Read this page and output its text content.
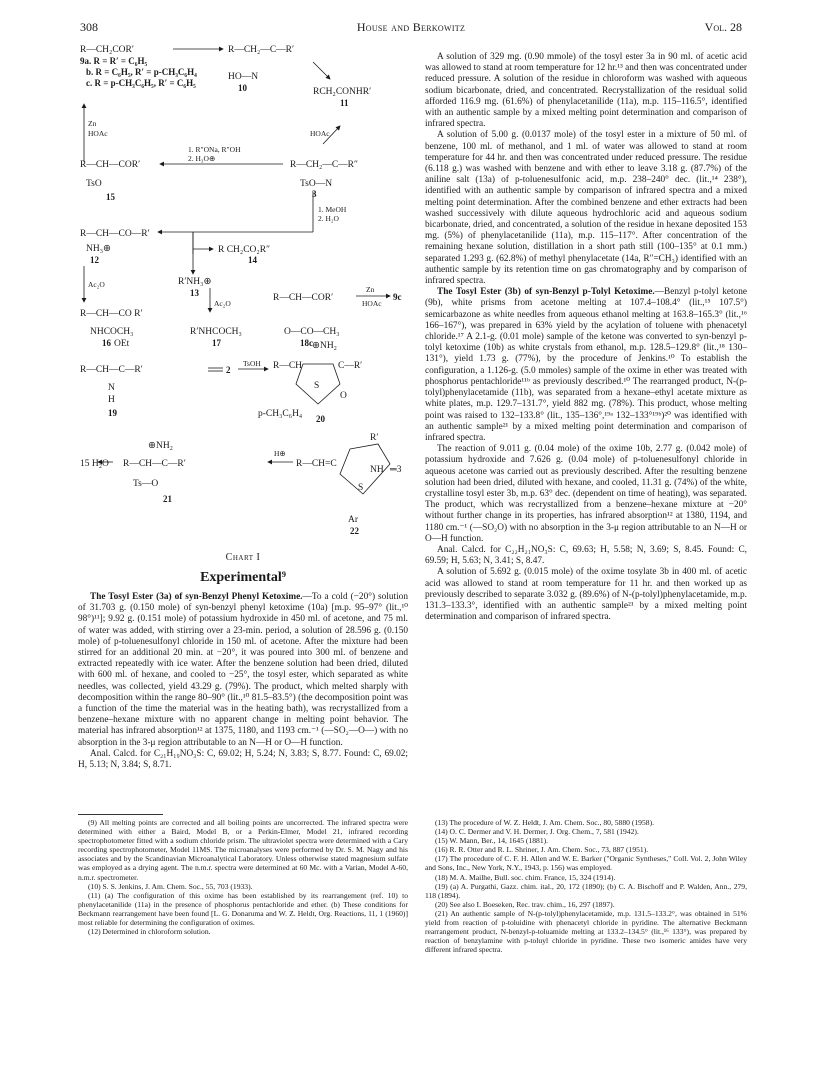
308	House and Berkowitz	Vol. 28
R—CH₂COR′
9a. R = R′ = C₆H₅
b. R = C₆H₅, R′ = p-CH₃C₆H₄
c. R = p-CH₃C₆H₅, R′ = C₆H₅
R—CH₂—C—R′
HO—N
10	RCH₂CONHR′
11
Zn
HOAc	HOAc
R—CH—COR′
TsO
15
1. R″ONa, R″OH
2. H₃O⊕
R—CH₂—C—R″
TsO—N
3
1. MeOH
2. H₂O
R—CH—CO—R′
NH₃⊕
12
R CH₂CO₂R″
14
R′NH₃⊕
13
Ac₂O
Ac₂O
R—CH—CO R′
NHCOCH₃
16
R′NHCOCH₃
17
R—CH—COR′
O—CO—CH₃
18c
Zn
HOAc
9c
OEt
R—CH—C—R′
N
H
19
2
TsOH
⊕NH₂
R—CH	C—R′
S
O
p-CH₃C₆H₄ 20
⊕NH₂
15 H₂O R—CH—C—R′
Ts—O
21
H⊕
R—CH=C
R′
NH ═3
S
Ar
22
Chart I
Experimental⁹

The Tosyl Ester (3a) of syn-Benzyl Phenyl Ketoxime.—To a cold (−20°) solution of 31.703 g. (0.150 mole) of syn-benzyl phenyl ketoxime (10a) [m.p. 95–97° (lit.,¹⁰ 98°)¹¹]; 9.92 g. (0.151 mole) of potassium hydroxide in 450 ml. of acetone, and 75 ml. of water was added, with stirring over a 23-min. period, a solution of 28.596 g. (0.150 mole) of p-toluenesulfonyl chloride in 150 ml. of acetone. After the mixture had been stirred for an additional 20 min. at −20°, it was poured into 300 ml. of benzene and extracted repeatedly with ice water. After the benzene solution had been dried, diluted with 600 ml. of hexane, and cooled to −25°, the tosyl ester, which separated as white needles, was collected, yield 43.29 g. (79%). The product, which melted sharply with decomposition within the range 80–90° (lit.,¹⁰ 81.5–83.5°) (the decomposition point was a function of the time the material was in the heating bath), was recrystallized from a benzene–hexane mixture with no apparent change in melting point behavior. The material has infrared absorption¹² at 1375, 1180, and 1193 cm.⁻¹ (—SO₂—O—) with no absorption in the 3-μ region attributable to an N—H or O—H function.

Anal. Calcd. for C₂₁H₁₉NO₃S: C, 69.02; H, 5.24; N, 3.83; S, 8.77. Found: C, 69.02; H, 5.13; N, 3.84; S, 8.71.

A solution of 329 mg. (0.90 mmole) of the tosyl ester 3a in 90 ml. of acetic acid was allowed to stand at room temperature for 12 hr.¹³ and then was concentrated under reduced pressure. A solution of the residue in chloroform was washed with aqueous sodium bicarbonate, dried, and concentrated. Recrystallization of the residual solid afforded 116.9 mg. (61.6%) of phenylacetanilide (11a), m.p. 115–116.5°, identified with an authentic sample by a mixed melting point determination and comparison of infrared spectra.

A solution of 5.00 g. (0.0137 mole) of the tosyl ester in a mixture of 50 ml. of benzene, 100 ml. of methanol, and 1 ml. of water was allowed to stand at room temperature for 44 hr. and then was concentrated under reduced pressure. The residue (6.118 g.) was washed with benzene and with ether to leave 3.18 g. (87.7%) of the aniline salt (13a) of p-toluenesulfonic acid, m.p. 238–240° dec. (lit.,¹⁴ 238°), identified with an authentic sample by comparison of infrared spectra and a mixed melting point determination. After the combined benzene and ether extracts had been washed successively with dilute aqueous hydrochloric acid and aqueous sodium bicarbonate, dried, and concentrated, a solution of the residue in hexane deposited 153 mg. (5%) of phenylacetanilide (11a), m.p. 115–117°. After concentration of the remaining hexane solution, distillation in a short path still (100–135° at 0.1 mm.) separated 1.293 g. (62.8%) of methyl phenylacetate (14a, R″=CH₃) identified with an authentic sample by its retention time on gas chromatography and by comparison of infrared spectra.

The Tosyl Ester (3b) of syn-Benzyl p-Tolyl Ketoxime.—Benzyl p-tolyl ketone (9b), white prisms from acetone melting at 107.4–108.4° (lit.,¹⁵ 107.5°) semicarbazone as white needles from aqueous ethanol melting at 163.8–165.3° (lit.,¹⁶ 166–167°), was prepared in 63% yield by the acylation of toluene with phenacetyl chloride.¹⁷ A 2.1-g. (0.01 mole) sample of the ketone was converted to syn-benzyl p-tolyl ketoxime (10b) as white crystals from ethanol, m.p. 128.5–129.8° (lit.,¹⁸ 130–131°), yield 1.73 g. (77%), by the procedure of Jenkins.¹⁰ To establish the configuration, a 1.126-g. (5.0 mmoles) sample of the oxime in ether was treated with phosphorus pentachloride¹¹ᵇ as previously described.¹⁰ The rearranged product, N-(p-tolyl)phenylacetamide (11b), was separated from a hexane–ethyl acetate mixture as white plates, m.p. 129.7–131.7°, yield 882 mg. (78%). This product, whose melting point was raised to 132–133.8° (lit., 135–136°,¹⁹ᵃ 132–133°¹⁹ᵇ)²⁰ was identified with an authentic sample²¹ by a mixed melting point determination and comparison of infrared spectra.

The reaction of 9.011 g. (0.04 mole) of the oxime 10b, 2.77 g. (0.042 mole) of potassium hydroxide and 7.626 g. (0.04 mole) of p-toluenesulfonyl chloride in aqueous acetone was carried out as previously described. After the resulting benzene solution had been dried, diluted with hexane, and cooled, 11.31 g. (74%) of the white, crystalline tosyl ester 3b, m.p. 63° dec. (dependent on time of heating), was separated. The product, which was recrystallized from a benzene–hexane mixture at −20° without further change in its properties, has infrared absorption¹² at 1380, 1194, and 1180 cm.⁻¹ (—SO₂O) with no absorption in the 3-μ region attributable to an N—H or O—H function.

Anal. Calcd. for C₂₂H₂₁NO₃S: C, 69.63; H, 5.58; N, 3.69; S, 8.45. Found: C, 69.59; H, 5.63; N, 3.41; S, 8.47.

A solution of 5.692 g. (0.015 mole) of the oxime tosylate 3b in 400 ml. of acetic acid was allowed to stand at room temperature for 11 hr. and then worked up as previously described to separate 3.032 g. (89.6%) of N-(p-tolyl)phenylacetamide, m.p. 131.3–133.3°, identified with an authentic sample²¹ by a mixed melting point determination and comparison of infrared spectra.

(9) All melting points are corrected and all boiling points are uncorrected. The infrared spectra were determined with either a Baird, Model B, or a Perkin-Elmer, Model 21, infrared recording spectrophotometer fitted with a sodium chloride prism. The ultraviolet spectra were determined with a Cary recording spectrophotometer, Model 11MS. The microanalyses were performed by Dr. S. M. Nagy and his associates and by the Scandinavian Microanalytical Laboratory. Unless otherwise stated magnesium sulfate was employed as a drying agent. The n.m.r. spectra were determined at 60 Mc. with a Varian, Model A-60, n.m.r. spectrometer.

(10) S. S. Jenkins, J. Am. Chem. Soc., 55, 703 (1933).

(11) (a) The configuration of this oxime has been established by its rearrangement (ref. 10) to phenylacetanilide (11a) in the presence of phosphorus pentachloride and ether. (b) These conditions for Beckmann rearrangement have been found [L. G. Donaruma and W. Z. Heldt, Org. Reactions, 11, 1 (1960)] most reliable for determining the configuration of oximes.

(12) Determined in chloroform solution.

(13) The procedure of W. Z. Heldt, J. Am. Chem. Soc., 80, 5880 (1958).

(14) O. C. Dermer and V. H. Dermer, J. Org. Chem., 7, 581 (1942).

(15) W. Mann, Ber., 14, 1645 (1881).

(16) R. R. Otter and R. L. Shriner, J. Am. Chem. Soc., 73, 887 (1951).

(17) The procedure of C. F. H. Allen and W. E. Barker ("Organic Syntheses," Coll. Vol. 2, John Wiley and Sons, Inc., New York, N.Y., 1943, p. 156) was employed.

(18) M. A. Mailhe, Bull. soc. chim. France, 15, 324 (1914).

(19) (a) A. Purgathi, Gazz. chim. ital., 20, 172 (1890); (b) C. A. Bischoff and P. Walden, Ann., 279, 118 (1894).

(20) See also I. Boeseken, Rec. trav. chim., 16, 297 (1897).

(21) An authentic sample of N-(p-tolyl)phenylacetamide, m.p. 131.5–133.2°, was obtained in 51% yield from reaction of p-toluidine with phenacetyl chloride in pyridine. The alternative Beckmann rearrangement product, N-benzyl-p-toluamide melting at 133.2–134.5° (lit.,¹⁶ 133°), was prepared by reaction of benzylamine with p-toluyl chloride in pyridine. These two isomeric amides have very different infrared spectra.
